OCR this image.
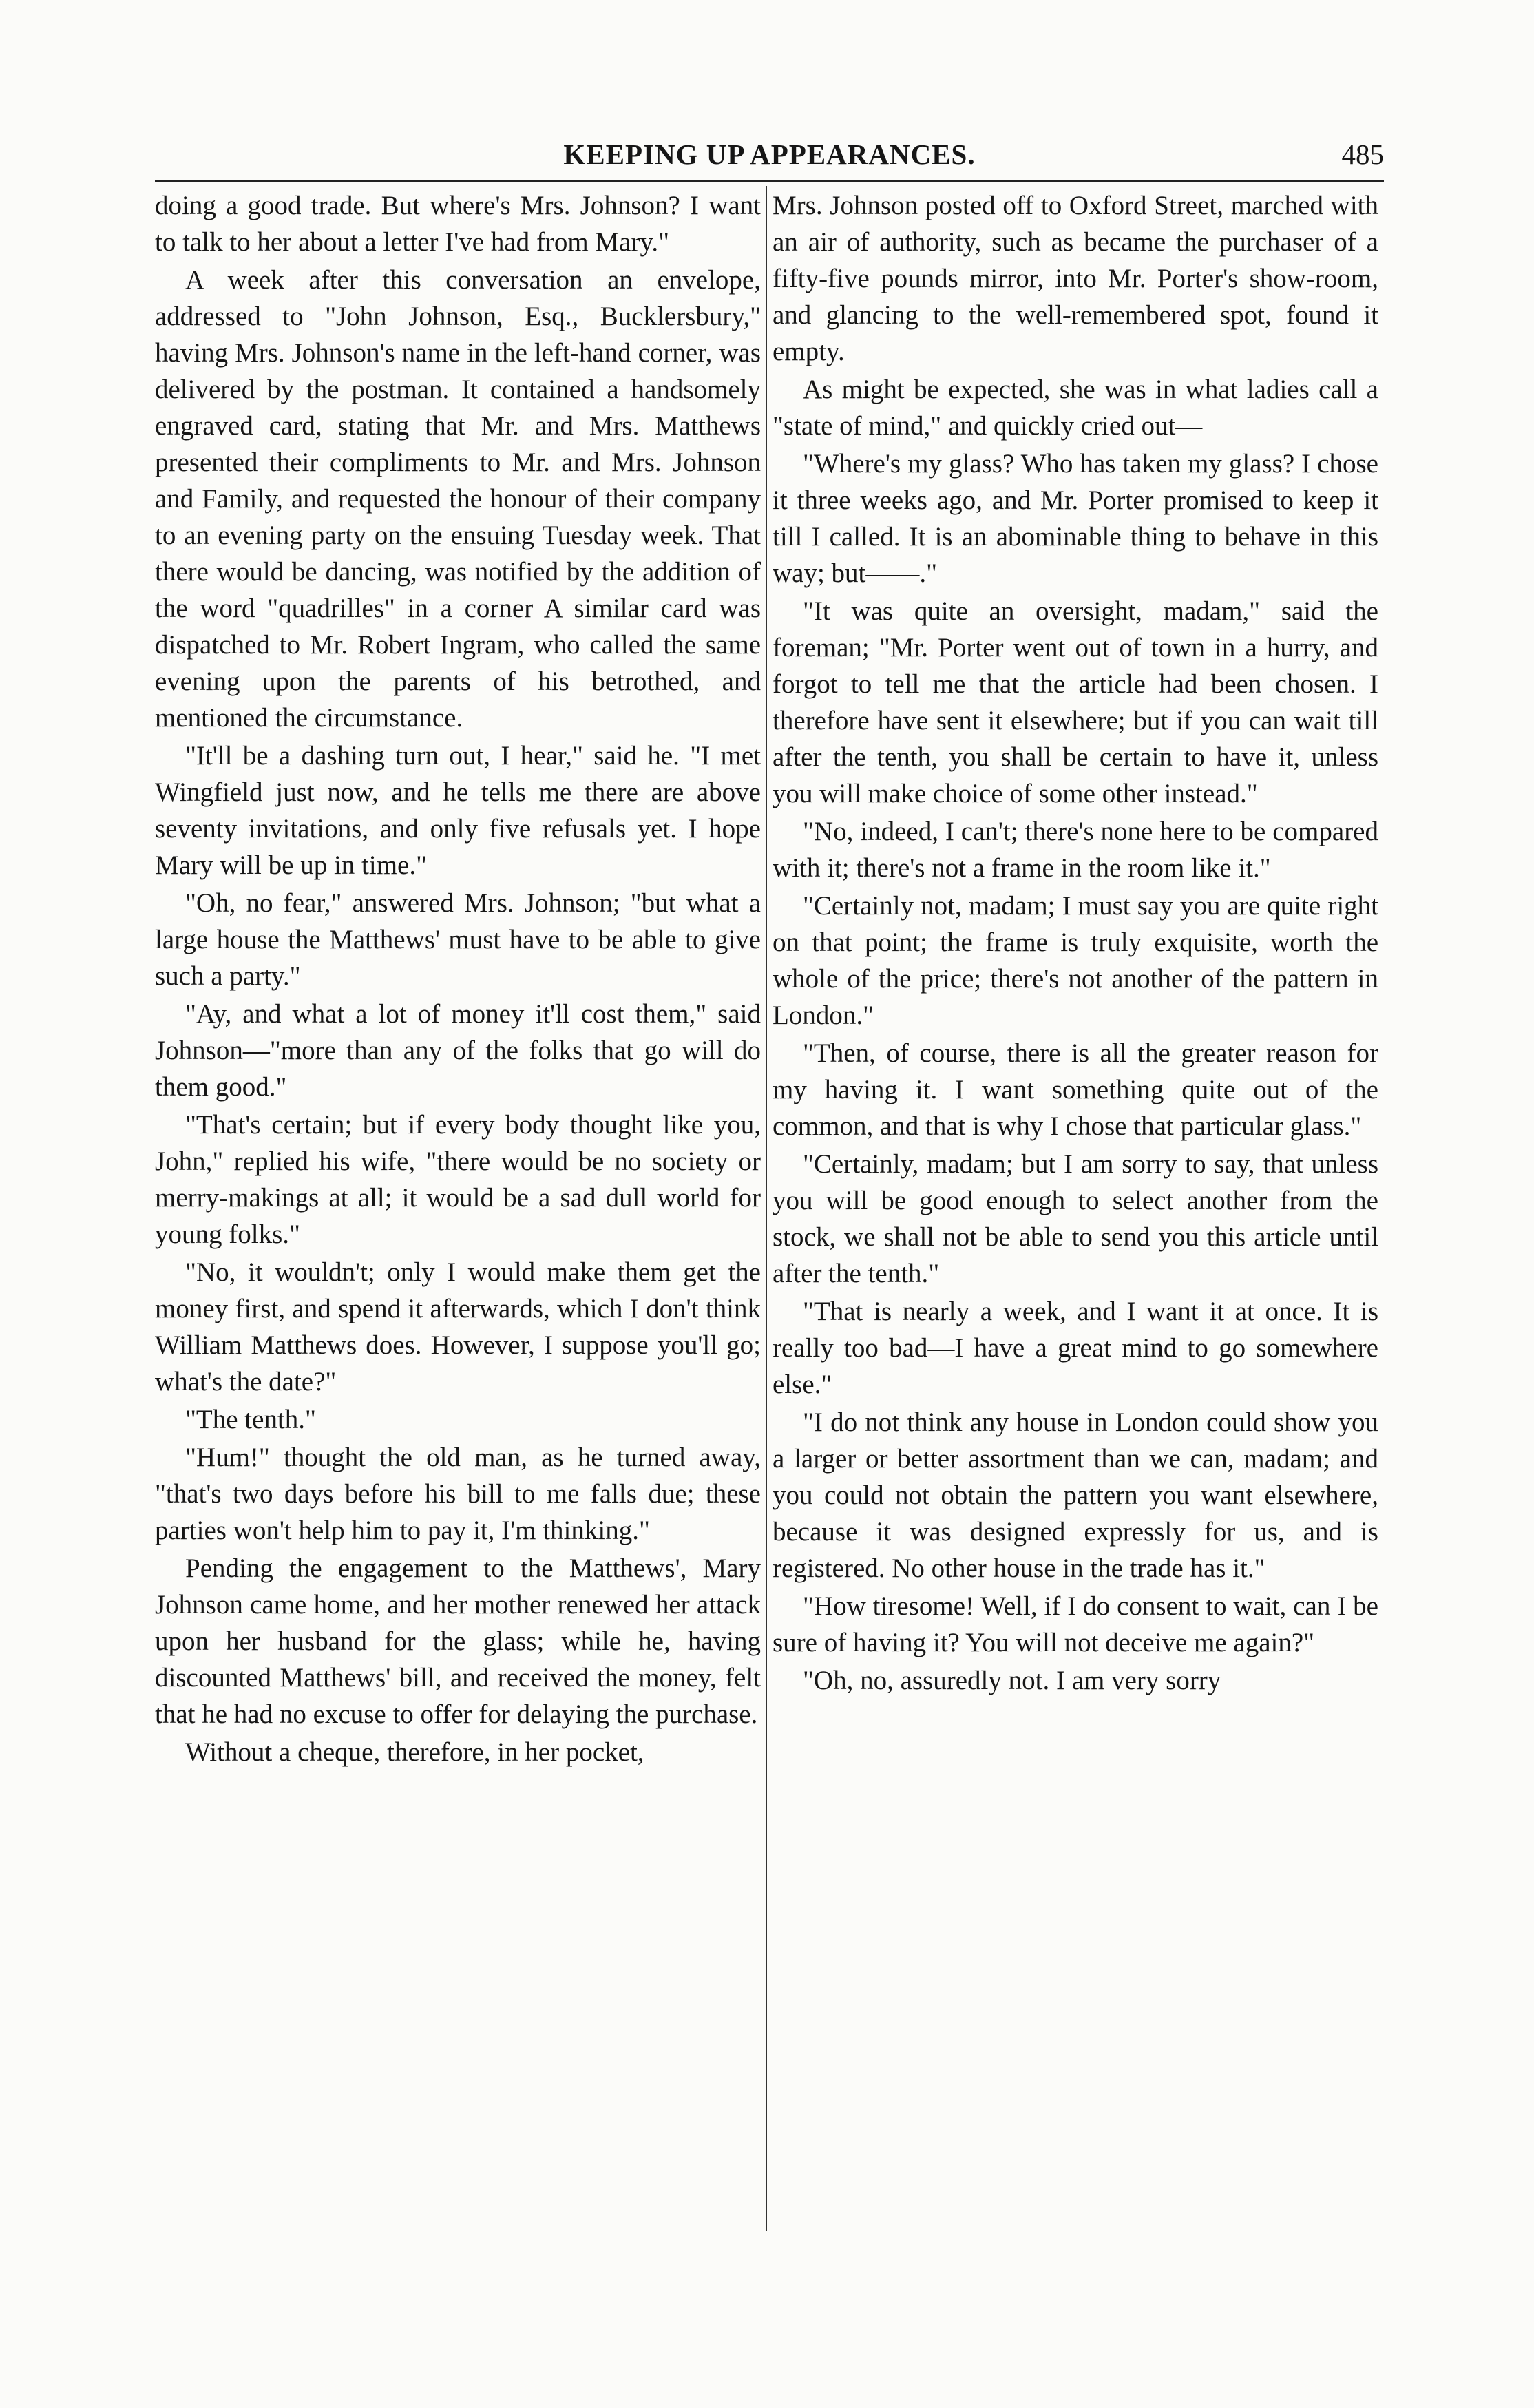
KEEPING UP APPEARANCES.	485

doing a good trade. But where's Mrs. Johnson? I want to talk to her about a letter I've had from Mary."

A week after this conversation an envelope, addressed to "John Johnson, Esq., Bucklersbury," having Mrs. Johnson's name in the left-hand corner, was delivered by the postman. It contained a handsomely engraved card, stating that Mr. and Mrs. Matthews presented their compliments to Mr. and Mrs. Johnson and Family, and requested the honour of their company to an evening party on the ensuing Tuesday week. That there would be dancing, was notified by the addition of the word "quadrilles" in a corner A similar card was dispatched to Mr. Robert Ingram, who called the same evening upon the parents of his betrothed, and mentioned the circumstance.

"It'll be a dashing turn out, I hear," said he. "I met Wingfield just now, and he tells me there are above seventy invitations, and only five refusals yet. I hope Mary will be up in time."

"Oh, no fear," answered Mrs. Johnson; "but what a large house the Matthews' must have to be able to give such a party."

"Ay, and what a lot of money it'll cost them," said Johnson—"more than any of the folks that go will do them good."

"That's certain; but if every body thought like you, John," replied his wife, "there would be no society or merry-makings at all; it would be a sad dull world for young folks."

"No, it wouldn't; only I would make them get the money first, and spend it afterwards, which I don't think William Matthews does. However, I suppose you'll go; what's the date?"

"The tenth."

"Hum!" thought the old man, as he turned away, "that's two days before his bill to me falls due; these parties won't help him to pay it, I'm thinking."

Pending the engagement to the Matthews', Mary Johnson came home, and her mother renewed her attack upon her husband for the glass; while he, having discounted Matthews' bill, and received the money, felt that he had no excuse to offer for delaying the purchase.

Without a cheque, therefore, in her pocket,

Mrs. Johnson posted off to Oxford Street, marched with an air of authority, such as became the purchaser of a fifty-five pounds mirror, into Mr. Porter's show-room, and glancing to the well-remembered spot, found it empty.

As might be expected, she was in what ladies call a "state of mind," and quickly cried out—

"Where's my glass? Who has taken my glass? I chose it three weeks ago, and Mr. Porter promised to keep it till I called. It is an abominable thing to behave in this way; but——."

"It was quite an oversight, madam," said the foreman; "Mr. Porter went out of town in a hurry, and forgot to tell me that the article had been chosen. I therefore have sent it elsewhere; but if you can wait till after the tenth, you shall be certain to have it, unless you will make choice of some other instead."

"No, indeed, I can't; there's none here to be compared with it; there's not a frame in the room like it."

"Certainly not, madam; I must say you are quite right on that point; the frame is truly exquisite, worth the whole of the price; there's not another of the pattern in London."

"Then, of course, there is all the greater reason for my having it. I want something quite out of the common, and that is why I chose that particular glass."

"Certainly, madam; but I am sorry to say, that unless you will be good enough to select another from the stock, we shall not be able to send you this article until after the tenth."

"That is nearly a week, and I want it at once. It is really too bad—I have a great mind to go somewhere else."

"I do not think any house in London could show you a larger or better assortment than we can, madam; and you could not obtain the pattern you want elsewhere, because it was designed expressly for us, and is registered. No other house in the trade has it."

"How tiresome! Well, if I do consent to wait, can I be sure of having it? You will not deceive me again?"

"Oh, no, assuredly not. I am very sorry
